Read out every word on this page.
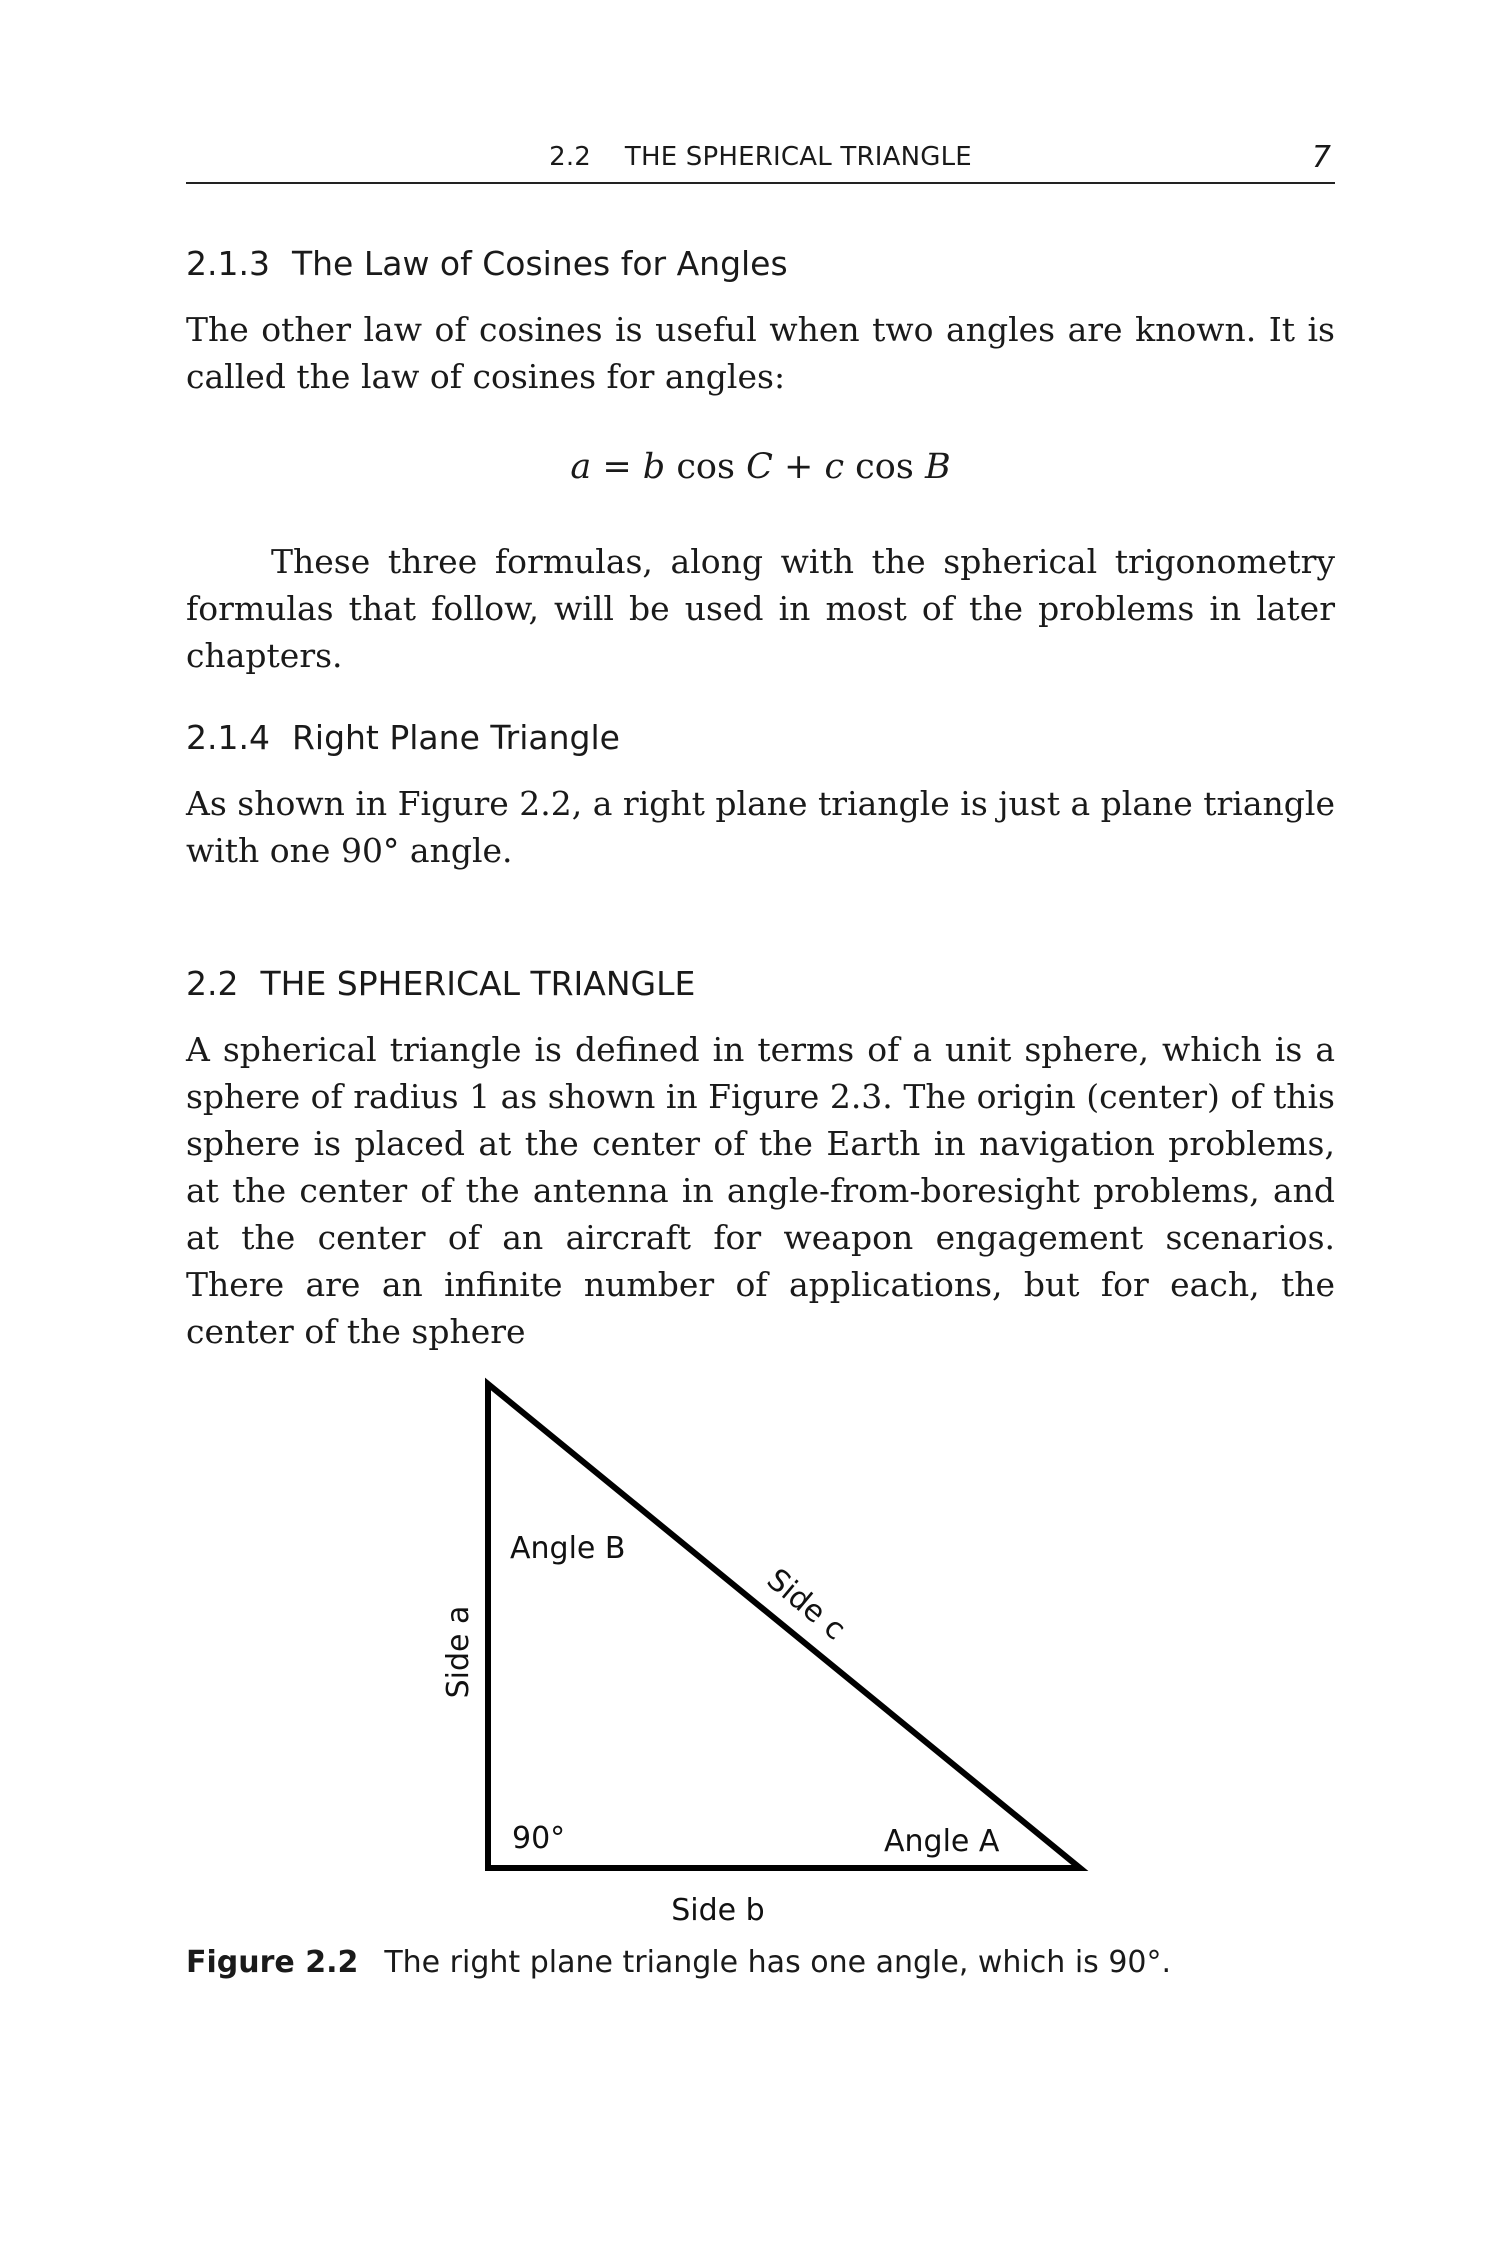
2.2    THE SPHERICAL TRIANGLE	7
2.1.3 The Law of Cosines for Angles

The other law of cosines is useful when two angles are known. It is called the law of cosines for angles:

a = b cos C + c cos B

These three formulas, along with the spherical trigonometry formulas that follow, will be used in most of the problems in later chapters.

2.1.4 Right Plane Triangle

As shown in Figure 2.2, a right plane triangle is just a plane triangle with one 90° angle.

2.2 THE SPHERICAL TRIANGLE

A spherical triangle is defined in terms of a unit sphere, which is a sphere of radius 1 as shown in Figure 2.3. The origin (center) of this sphere is placed at the center of the Earth in navigation problems, at the center of the antenna in angle-from-boresight problems, and at the center of an aircraft for weapon engagement scenarios. There are an infinite number of applications, but for each, the center of the sphere

Angle B
Angle A
90°
Side a
Side b
Side c
Figure 2.2 The right plane triangle has one angle, which is 90°.
